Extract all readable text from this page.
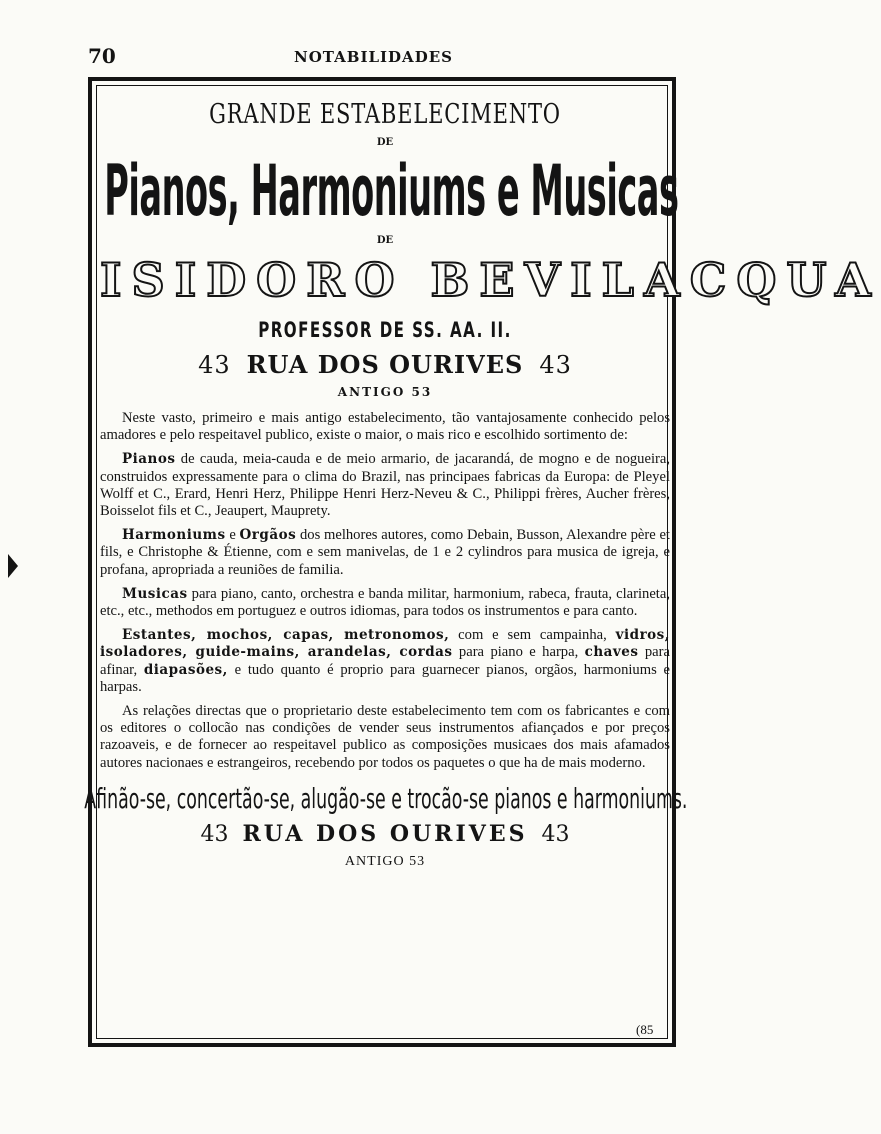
70	NOTABILIDADES
GRANDE ESTABELECIMENTO
DE
Pianos, Harmoniums e Musicas
DE
ISIDORO BEVILACQUA
PROFESSOR DE SS. AA. II.
43 RUA DOS OURIVES 43
ANTIGO 53

Neste vasto, primeiro e mais antigo estabelecimento, tão vantajosamente conhecido pelos amadores e pelo respeitavel publico, existe o maior, o mais rico e escolhido sortimento de:

Pianos de cauda, meia-cauda e de meio armario, de jacarandá, de mogno e de nogueira, construidos expressamente para o clima do Brazil, nas principaes fabricas da Europa: de Pleyel Wolff et C., Erard, Henri Herz, Philippe Henri Herz-Neveu & C., Philippi frères, Aucher frères, Boisselot fils et C., Jeaupert, Mauprety.

Harmoniums e Orgãos dos melhores autores, como Debain, Busson, Alexandre père et fils, e Christophe & Étienne, com e sem manivelas, de 1 e 2 cylindros para musica de igreja, e profana, apropriada a reuniões de familia.

Musicas para piano, canto, orchestra e banda militar, harmonium, rabeca, frauta, clarineta, etc., etc., methodos em portuguez e outros idiomas, para todos os instrumentos e para canto.

Estantes, mochos, capas, metronomos, com e sem campainha, vidros, isoladores, guide-mains, arandelas, cordas para piano e harpa, chaves para afinar, diapasões, e tudo quanto é proprio para guarnecer pianos, orgãos, harmoniums e harpas.

As relações directas que o proprietario deste estabelecimento tem com os fabricantes e com os editores o collocão nas condições de vender seus instrumentos afiançados e por preços razoaveis, e de fornecer ao respeitavel publico as composições musicaes dos mais afamados autores nacionaes e estrangeiros, recebendo por todos os paquetes o que ha de mais moderno.

Afinão-se, concertão-se, alugão-se e trocão-se pianos e harmoniums.
43 RUA DOS OURIVES 43
ANTIGO 53
(85
